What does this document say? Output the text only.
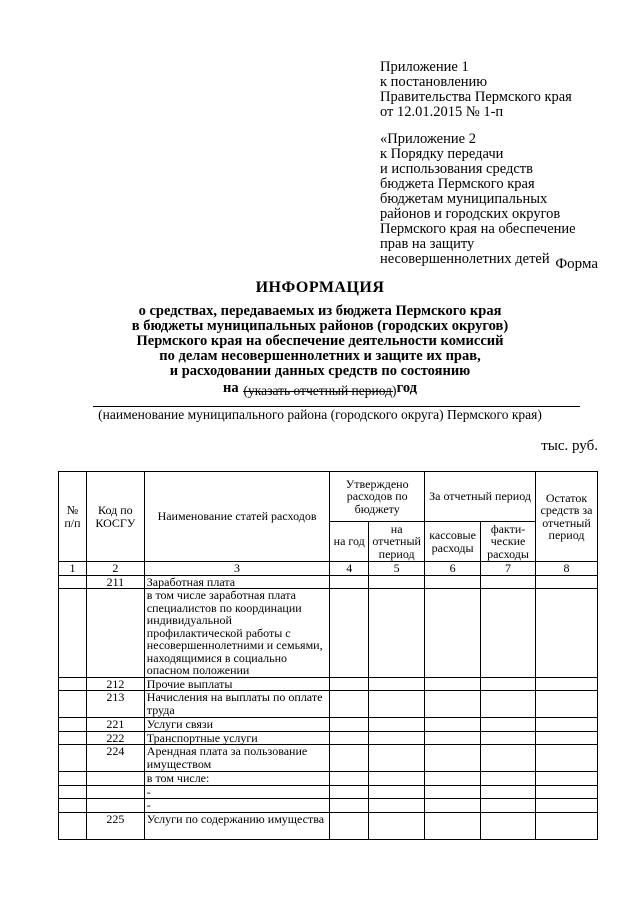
Приложение 1
к постановлению
Правительства Пермского края
от 12.01.2015 № 1-п
«Приложение 2
к Порядку передачи
и использования средств
бюджета Пермского края
бюджетам муниципальных
районов и городских округов
Пермского края на обеспечение
прав на защиту
несовершеннолетних детей Форма
ИНФОРМАЦИЯ
о средствах, передаваемых из бюджета Пермского края
в бюджеты муниципальных районов (городских округов)
Пермского края на обеспечение деятельности комиссий
по делам несовершеннолетних и защите их прав,
и расходовании данных средств по состоянию
на	год
(указать отчетный период)
(наименование муниципального района (городского округа) Пермского края)
тыс. руб.
№ п/п	Код по КОСГУ	Наименование статей расходов	Утверждено расходов по бюджету		За отчетный период		Остаток средств за отчетный период
			на год	на отчетный период	кассовые расходы	факти-ческие расходы	
1	2	3	4	5	6	7	8
	211	Заработная плата					
		в том числе заработная плата специалистов по координации индивидуальной профилактической работы с несовершеннолетними и семьями, находящимися в социально опасном положении					
	212	Прочие выплаты					
	213	Начисления на выплаты по оплате труда					
	221	Услуги связи					
	222	Транспортные услуги					
	224	Арендная плата за пользование имуществом					
		в том числе:					
		-					
		-					
	225	Услуги по содержанию имущества					
